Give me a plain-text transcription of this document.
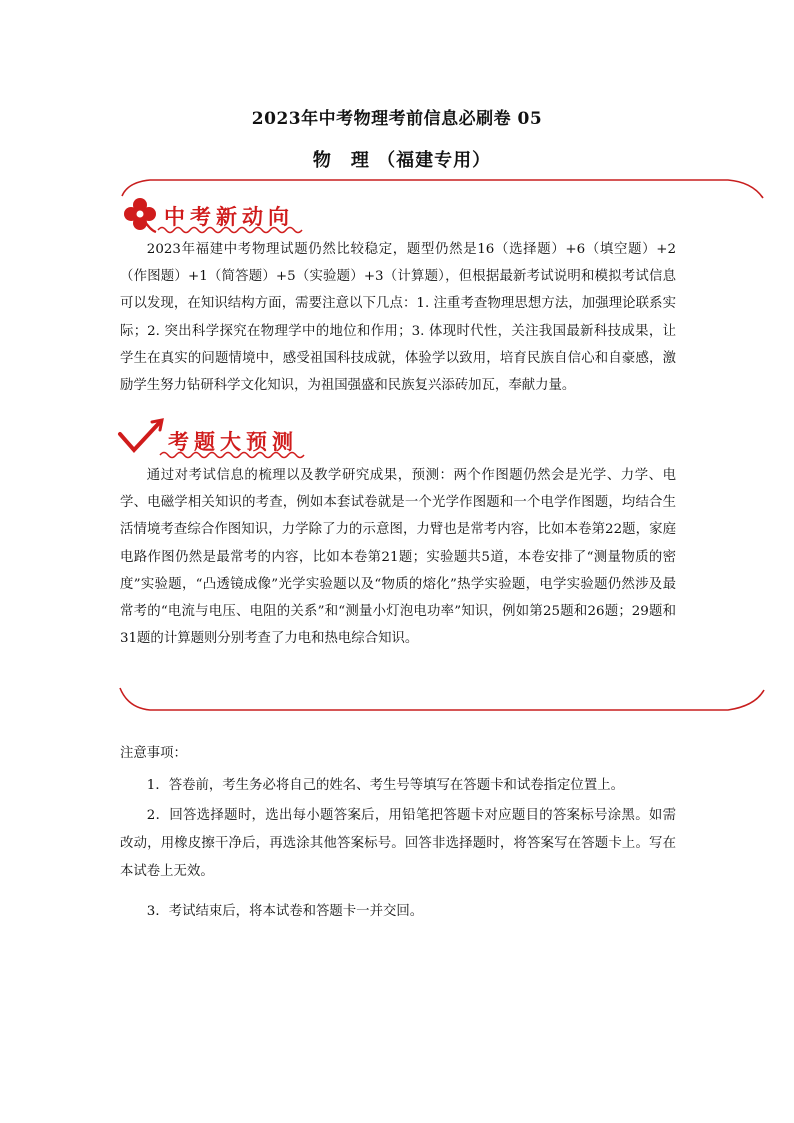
2023年中考物理考前信息必刷卷 05
物　理 （福建专用）
中考新动向
2023年福建中考物理试题仍然比较稳定，题型仍然是16（选择题）+6（填空题）+2（作图题）+1（简答题）+5（实验题）+3（计算题），但根据最新考试说明和模拟考试信息可以发现，在知识结构方面，需要注意以下几点：1. 注重考查物理思想方法，加强理论联系实际；2. 突出科学探究在物理学中的地位和作用；3. 体现时代性，关注我国最新科技成果，让学生在真实的问题情境中，感受祖国科技成就，体验学以致用，培育民族自信心和自豪感，激励学生努力钻研科学文化知识，为祖国强盛和民族复兴添砖加瓦，奉献力量。
考题大预测
通过对考试信息的梳理以及教学研究成果，预测：两个作图题仍然会是光学、力学、电学、电磁学相关知识的考查，例如本套试卷就是一个光学作图题和一个电学作图题，均结合生活情境考查综合作图知识，力学除了力的示意图，力臂也是常考内容，比如本卷第22题，家庭电路作图仍然是最常考的内容，比如本卷第21题；实验题共5道，本卷安排了“测量物质的密度”实验题，“凸透镜成像”光学实验题以及“物质的熔化”热学实验题，电学实验题仍然涉及最常考的“电流与电压、电阻的关系”和“测量小灯泡电功率”知识，例如第25题和26题；29题和31题的计算题则分别考查了力电和热电综合知识。
注意事项：
1．答卷前，考生务必将自己的姓名、考生号等填写在答题卡和试卷指定位置上。
2．回答选择题时，选出每小题答案后，用铅笔把答题卡对应题目的答案标号涂黑。如需改动，用橡皮擦干净后，再选涂其他答案标号。回答非选择题时，将答案写在答题卡上。写在本试卷上无效。
3．考试结束后，将本试卷和答题卡一并交回。
